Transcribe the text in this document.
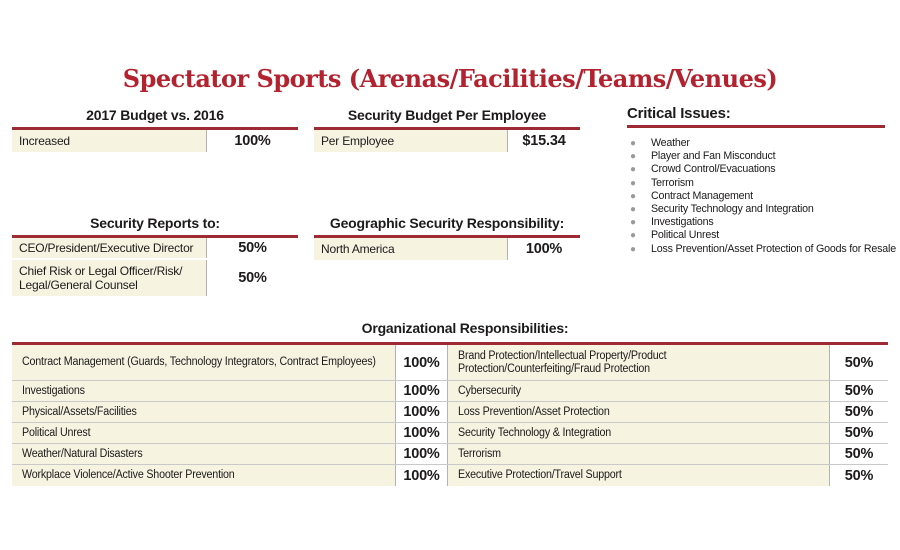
Spectator Sports (Arenas/Facilities/Teams/Venues)
2017 Budget vs. 2016
Increased	100%
Security Budget Per Employee
Per Employee	$15.34
Critical Issues:
●	Weather
●	Player and Fan Misconduct
●	Crowd Control/Evacuations
●	Terrorism
●	Contract Management
●	Security Technology and Integration
●	Investigations
●	Political Unrest
●	Loss Prevention/Asset Protection of Goods for Resale
Security Reports to:
CEO/President/Executive Director	50%
Chief Risk or Legal Officer/Risk/
Legal/General Counsel	50%
Geographic Security Responsibility:
North America	100%
Organizational Responsibilities:
Contract Management (Guards, Technology Integrators, Contract Employees)	100%	Brand Protection/Intellectual Property/Product Protection/Counterfeiting/Fraud Protection	50%
Investigations	100%	Cybersecurity	50%
Physical/Assets/Facilities	100%	Loss Prevention/Asset Protection	50%
Political Unrest	100%	Security Technology & Integration	50%
Weather/Natural Disasters	100%	Terrorism	50%
Workplace Violence/Active Shooter Prevention	100%	Executive Protection/Travel Support	50%
